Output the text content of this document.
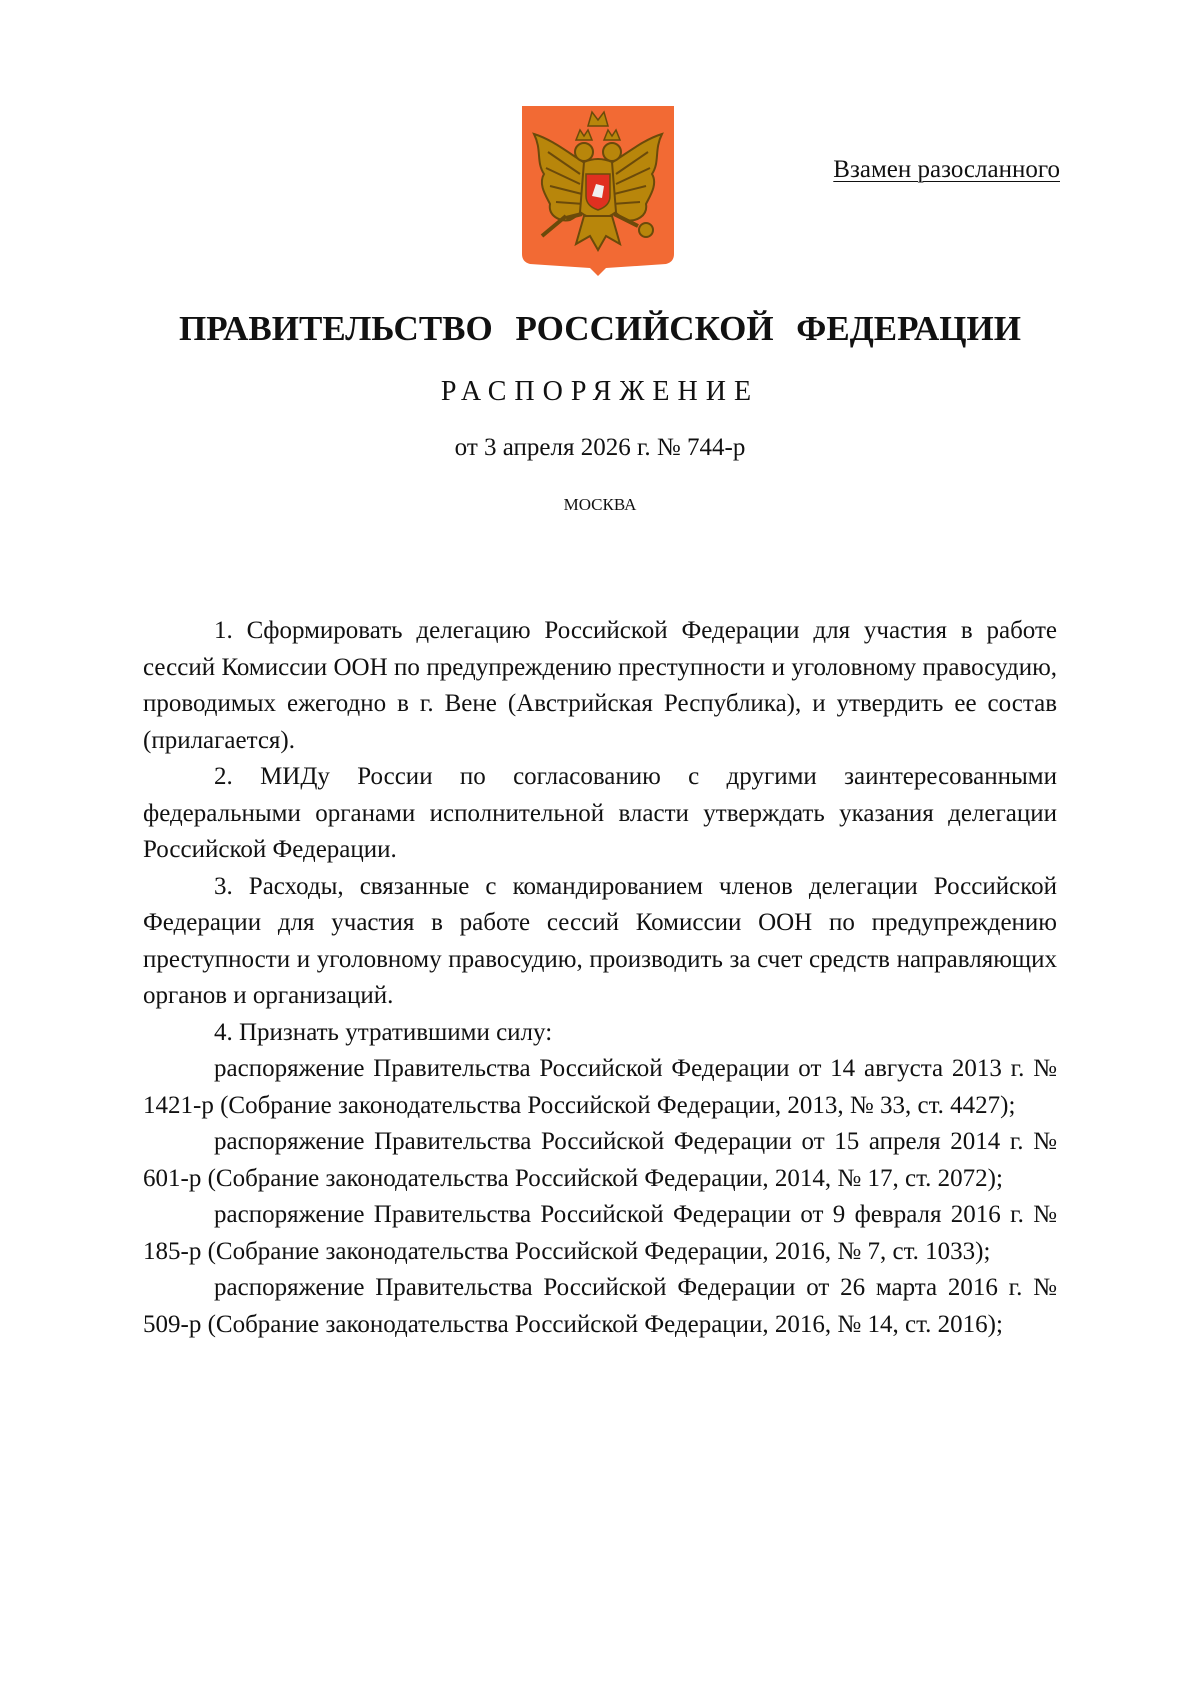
Взамен разосланного
ПРАВИТЕЛЬСТВО РОССИЙСКОЙ ФЕДЕРАЦИИ
РАСПОРЯЖЕНИЕ
от 3 апреля 2026 г. № 744-р
МОСКВА

1. Сформировать делегацию Российской Федерации для участия в работе сессий Комиссии ООН по предупреждению преступности и уголовному правосудию, проводимых ежегодно в г. Вене (Австрийская Республика), и утвердить ее состав (прилагается).

2. МИДу России по согласованию с другими заинтересованными федеральными органами исполнительной власти утверждать указания делегации Российской Федерации.

3. Расходы, связанные с командированием членов делегации Российской Федерации для участия в работе сессий Комиссии ООН по предупреждению преступности и уголовному правосудию, производить за счет средств направляющих органов и организаций.

4. Признать утратившими силу:

распоряжение Правительства Российской Федерации от 14 августа 2013 г. № 1421-р (Собрание законодательства Российской Федерации, 2013, № 33, ст. 4427);

распоряжение Правительства Российской Федерации от 15 апреля 2014 г. № 601-р (Собрание законодательства Российской Федерации, 2014, № 17, ст. 2072);

распоряжение Правительства Российской Федерации от 9 февраля 2016 г. № 185-р (Собрание законодательства Российской Федерации, 2016, № 7, ст. 1033);

распоряжение Правительства Российской Федерации от 26 марта 2016 г. № 509-р (Собрание законодательства Российской Федерации, 2016, № 14, ст. 2016);
